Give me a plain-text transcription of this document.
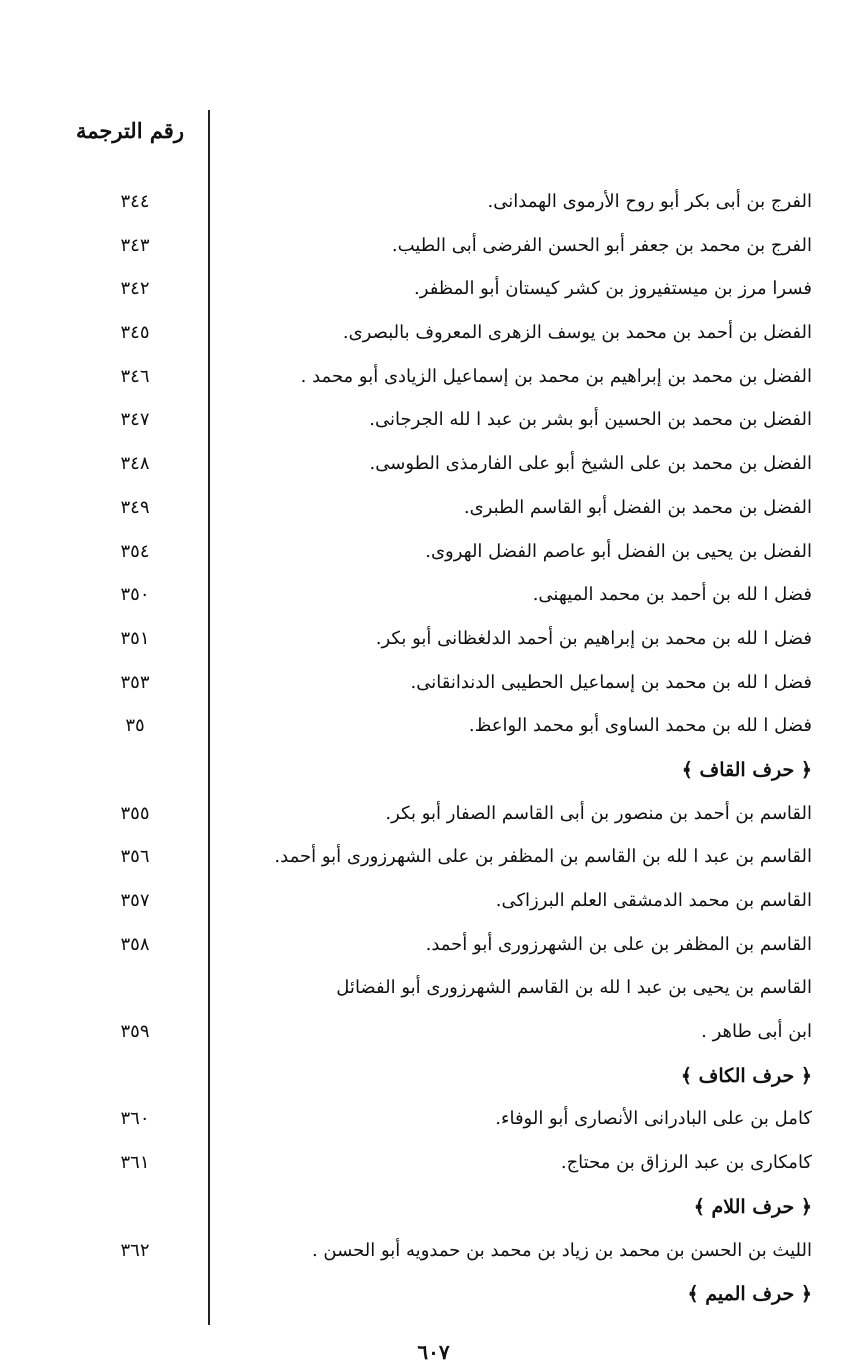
رقم الترجمة
الفرج بن أبى بكر أبو روح الأرموى الهمدانى.
٣٤٤
الفرج بن محمد بن جعفر أبو الحسن الفرضى أبى الطيب.
٣٤٣
فسرا مرز بن ميستفيروز بن كشر كيستان أبو المظفر.
٣٤٢
الفضل بن أحمد بن محمد بن يوسف الزهرى المعروف بالبصرى.
٣٤٥
الفضل بن محمد بن إبراهيم بن محمد بن إسماعيل الزيادى أبو محمد .
٣٤٦
الفضل بن محمد بن الحسين أبو بشر بن عبد ا لله الجرجانى.
٣٤٧
الفضل بن محمد بن على الشيخ أبو على الفارمذى الطوسى.
٣٤٨
الفضل بن محمد بن الفضل أبو القاسم الطبرى.
٣٤٩
الفضل بن يحيى بن الفضل أبو عاصم الفضل الهروى.
٣٥٤
فضل ا لله بن أحمد بن محمد الميهنى.
٣٥٠
فضل ا لله بن محمد بن إبراهيم بن أحمد الدلغظانى أبو بكر.
٣٥١
فضل ا لله بن محمد بن إسماعيل الحطيبى الدندانقانى.
٣٥٣
فضل ا لله بن محمد الساوى أبو محمد الواعظ.
٣٥
﴿ حرف القاف ﴾
القاسم بن أحمد بن منصور بن أبى القاسم الصفار أبو بكر.
٣٥٥
القاسم بن عبد ا لله بن القاسم بن المظفر بن على الشهرزورى أبو أحمد.
٣٥٦
القاسم بن محمد الدمشقى العلم البرزاكى.
٣٥٧
القاسم بن المظفر بن على بن الشهرزورى أبو أحمد.
٣٥٨
القاسم بن يحيى بن عبد ا لله بن القاسم الشهرزورى أبو الفضائل
ابن أبى طاهر .
٣٥٩
﴿ حرف الكاف ﴾
كامل بن على البادرانى الأنصارى أبو الوفاء.
٣٦٠
كامكارى بن عبد الرزاق بن محتاج.
٣٦١
﴿ حرف اللام ﴾
الليث بن الحسن بن محمد بن زياد بن محمد بن حمدويه أبو الحسن .
٣٦٢
﴿ حرف الميم ﴾
٦٠٧
